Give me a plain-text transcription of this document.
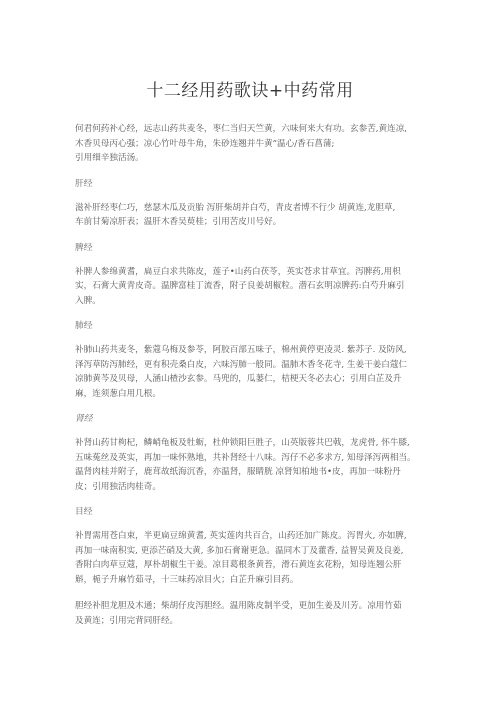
十二经用药歌诀+中药常用
何君何药补心经，远志山药共麦冬，枣仁当归天竺黄，六味何来大有功。玄参苦,黄连凉,
木香贝母丙心强；凉心竹叶母牛角，朱砂连翘并牛黄”温心/香石菖蒲;
引用细辛独活汤。
肝经
滋补肝经枣仁巧，慈瑟木瓜及贡胎 泻肝柴胡并白芍，青皮者博不行少 胡黄连,龙胆草,
车前甘菊凉肝表；温肝木香吴萸桂；引用苦皮川号好。
脾经
补脾人参绵黄耆，扁豆白求共陈皮，莲子•山药白茯苓，英实苍求甘草宜。泻脾药,用枳
实，石膏大黄青皮奇。温脾富桂丁流香，附子良姜胡椒粒。潜石玄明凉脾药:白芍升麻引
入脾。
肺经
补肺山药共麦冬，紫蔻乌梅及参苓，阿胶百部五味子，棉州黄停更凌灵. 紫苏子. 及防风,
泽泻草防泻肺经，更有积壳桑白皮，六味泻肺一般同。温肺木香冬花寺, 生姜干姜白蔻仁
凉肺黄芩及贝母，人涵山楂沙玄参。马兜的，瓜蒌仁，桔梗天冬必去心；引用白芷及升
麻，连须葱白用几根。
肾经
补肾山药甘枸杞，鳞峭龟板及牡蛎，杜仲锁阳巨胜子，山英版蓉共巴戟，龙虎骨, 怀牛膝,
五味菟丝及英实，再加一味怀熟地，共补肾经十八味。泻仔不必多求方, 知母泽泻两相当。
温肾肉桂并附子，鹿茸故纸海沉香，亦温肾，服睛胱 凉肾知柏地书•皮，再加一味粉丹
皮；引用独活肉桂奇。
目经
补胃需用苍白束，半更扁豆绵黄耆, 英实莲肉共百合，山药还加广陈皮。泻胃火, 亦如脾,
再加一味南积实, 更添芒硝及大黄, 多加石膏谢更急。温同木丁及藿香, 益智吴黄及良姜,
香附白肉草豆蔻，厚朴胡椒生干姜。凉目葛根条黄苔，滑石黄连玄花粉，知母连翘公肝
斛，栀子升麻竹茹寻，十三味药凉目火；白芷升麻引目药。
胆经补胆龙胆及木通；柴胡仔皮泻胆经。温用陈皮制半受，更加生姜及川芳。凉用竹茹
及黄连；引用完背同肝经。
